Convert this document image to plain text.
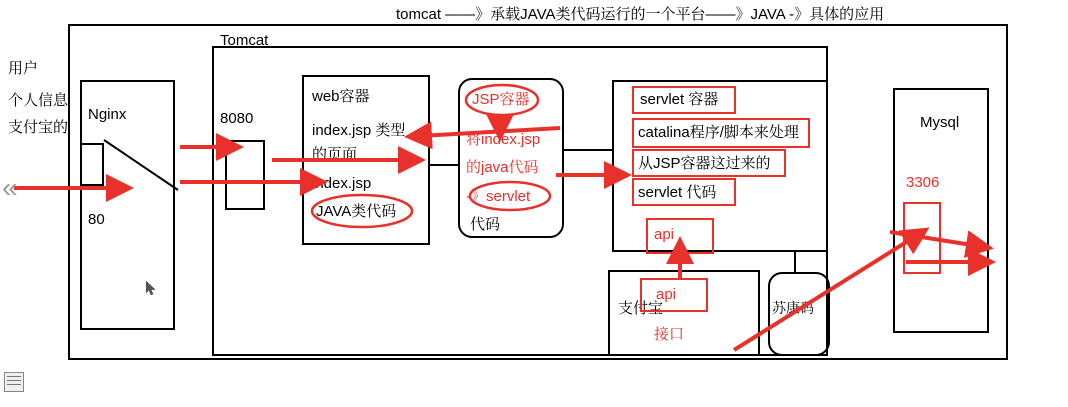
tomcat ——》承载JAVA类代码运行的一个平台——》JAVA -》具体的应用
Tomcat
用户
个人信息
支付宝的
Nginx
80
8080
web容器
index.jsp 类型
的页面
index.jsp
JAVA类代码
JSP容器
将index.jsp
的java代码
-》servlet
代码
servlet 容器
catalina程序/脚本来处理
从JSP容器这过来的
servlet 代码
api
支付宝
接口
api
苏康码
Mysql
3306
«
